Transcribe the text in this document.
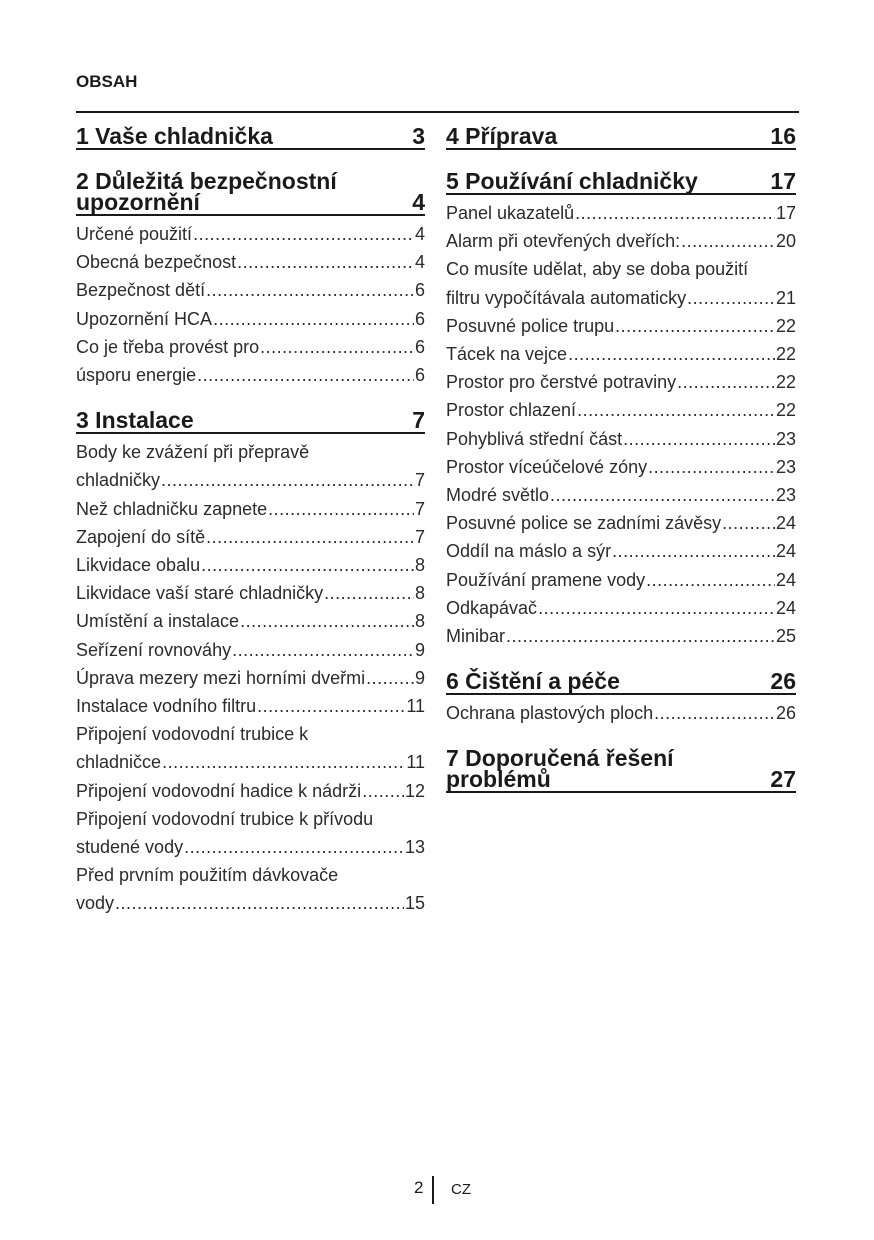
OBSAH
1 Vaše chladnička	3
2 Důležitá bezpečnostní
upozornění	4
Určené použití .....	4
Obecná bezpečnost .....	4
Bezpečnost dětí .....	6
Upozornění HCA .....	6
Co je třeba provést pro .....	6
úsporu energie .....	6
3 Instalace	7
Body ke zvážení při přepravě
chladničky .....	7
Než chladničku zapnete .....	7
Zapojení do sítě .....	7
Likvidace obalu .....	8
Likvidace vaší staré chladničky .....	8
Umístění a instalace .....	8
Seřízení rovnováhy .....	9
Úprava mezery mezi horními dveřmi .....	9
Instalace vodního filtru .....	11
Připojení vodovodní trubice k
chladničce .....	11
Připojení vodovodní hadice k nádrži ..... 12
Připojení vodovodní trubice k přívodu
studené vody .....	13
Před prvním použitím dávkovače
vody .....	15
4 Příprava	16
5 Používání chladničky	17
Panel ukazatelů .....	17
Alarm při otevřených dveřích: .....	20
Co musíte udělat, aby se doba použití
filtru vypočítávala automaticky .....	21
Posuvné police trupu .....	22
Tácek na vejce .....	22
Prostor pro čerstvé potraviny .....	22
Prostor chlazení .....	22
Pohyblivá střední část .....	23
Prostor víceúčelové zóny .....	23
Modré světlo .....	23
Posuvné police se zadními závěsy .....	24
Oddíl na máslo a sýr .....	24
Používání pramene vody .....	24
Odkapávač .....	24
Minibar .....	25
6 Čištění a péče	26
Ochrana plastových ploch .....	26
7 Doporučená řešení
problémů	27
2 CZ
